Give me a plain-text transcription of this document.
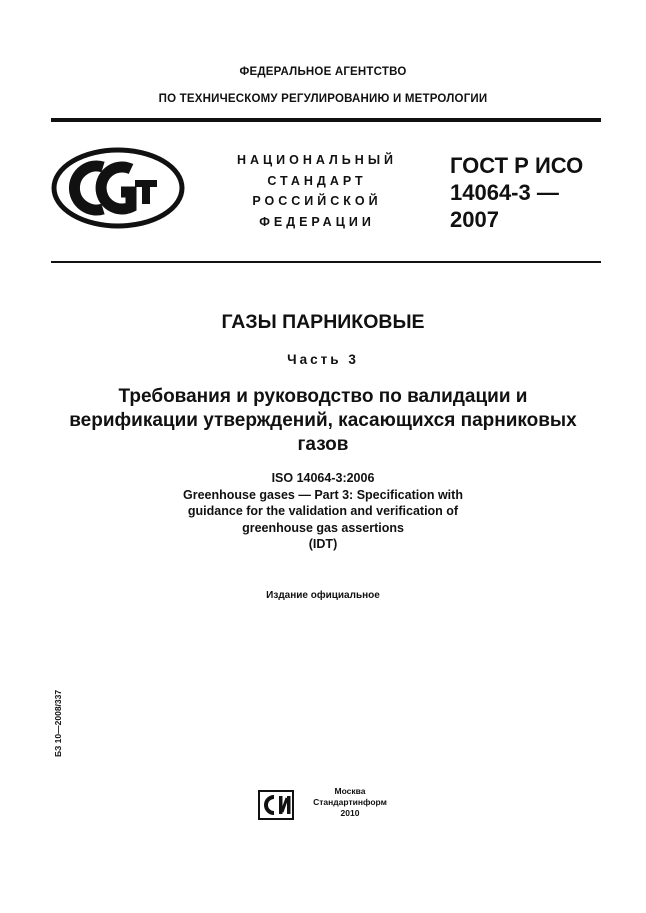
ФЕДЕРАЛЬНОЕ АГЕНТСТВО
ПО ТЕХНИЧЕСКОМУ РЕГУЛИРОВАНИЮ И МЕТРОЛОГИИ
НАЦИОНАЛЬНЫЙ
СТАНДАРТ
РОССИЙСКОЙ
ФЕДЕРАЦИИ
ГОСТ Р ИСО
14064-3 —
2007
ГАЗЫ ПАРНИКОВЫЕ
Часть 3
Требования и руководство по валидации и верификации утверждений, касающихся парниковых газов
ISO 14064-3:2006
Greenhouse gases — Part 3: Specification with
guidance for the validation and verification of
greenhouse gas assertions
(IDT)
Издание официальное
БЗ 10—2008/337
Москва
Стандартинформ
2010
